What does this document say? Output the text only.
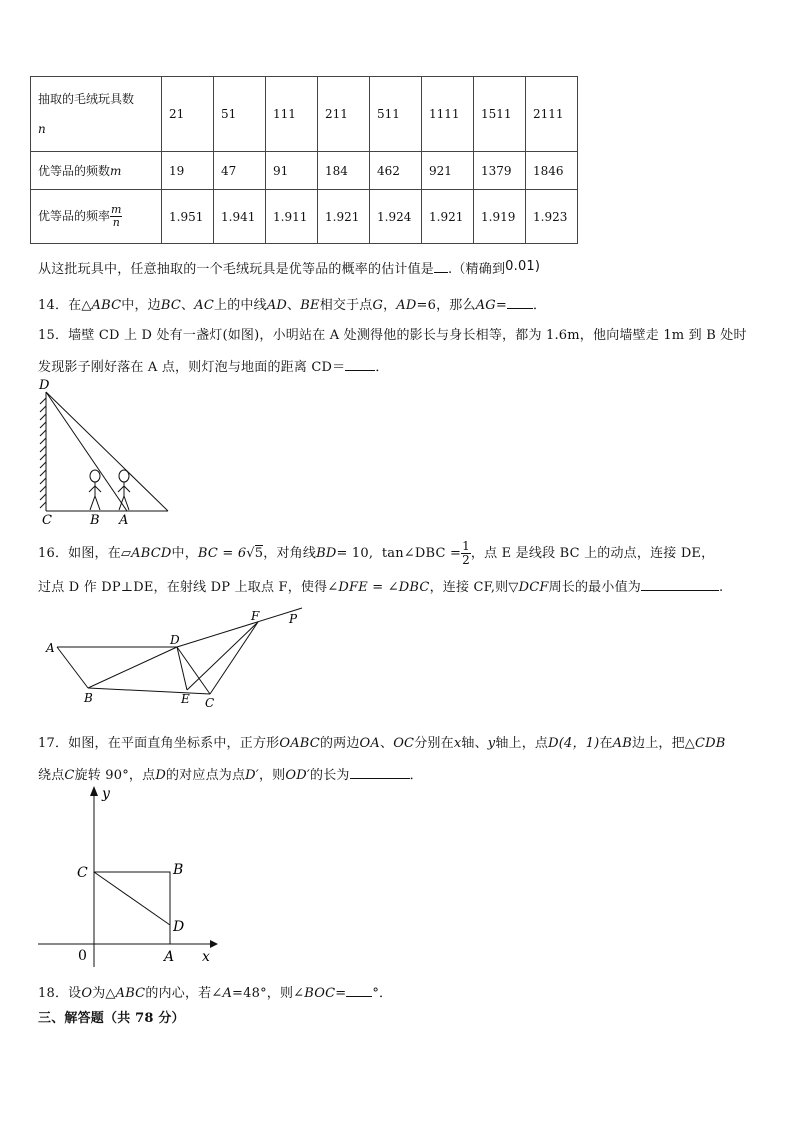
抽取的毛绒玩具数
n	21	51	111	211	511	1111	1511	2111
优等品的频数m	19	47	91	184	462	921	1379	1846
优等品的频率 $\frac{m}{n}$	1.951	1.941	1.911	1.921	1.924	1.921	1.919	1.923
从这批玩具中，任意抽取的一个毛绒玩具是优等品的概率的估计值是 .（精确到0.01)
14．在△ABC中，边BC、AC上的中线AD、BE相交于点G，AD=6，那么AG= ．
15．墙壁 CD 上 D 处有一盏灯(如图)，小明站在 A 处测得他的影长与身长相等，都为 1.6m，他向墙壁走 1m 到 B 处时
发现影子刚好落在 A 点，则灯泡与地面的距离 CD＝ ．
D
C	B A
16．如图，在▱ABCD中，BC = 6√5，对角线BD= 10, tan∠DBC = $\frac{1}{2}$ ，点 E 是线段 BC 上的动点，连接 DE，
过点 D 作 DP⊥DE，在射线 DP 上取点 F，使得∠DFE = ∠DBC，连接 CF,则▽DCF周长的最小值为	.
A
B	C
D
E
F P
17．如图，在平面直角坐标系中，正方形OABC的两边OA、OC分别在x轴、y轴上，点D(4，1)在AB边上，把△CDB
绕点C旋转 90°，点D的对应点为点D′，则OD′的长为	．
y
x
C	B
D
0	A
18．设O为△ABC的内心，若∠A=48°，则∠BOC= °．
三、解答题（共 78 分）
